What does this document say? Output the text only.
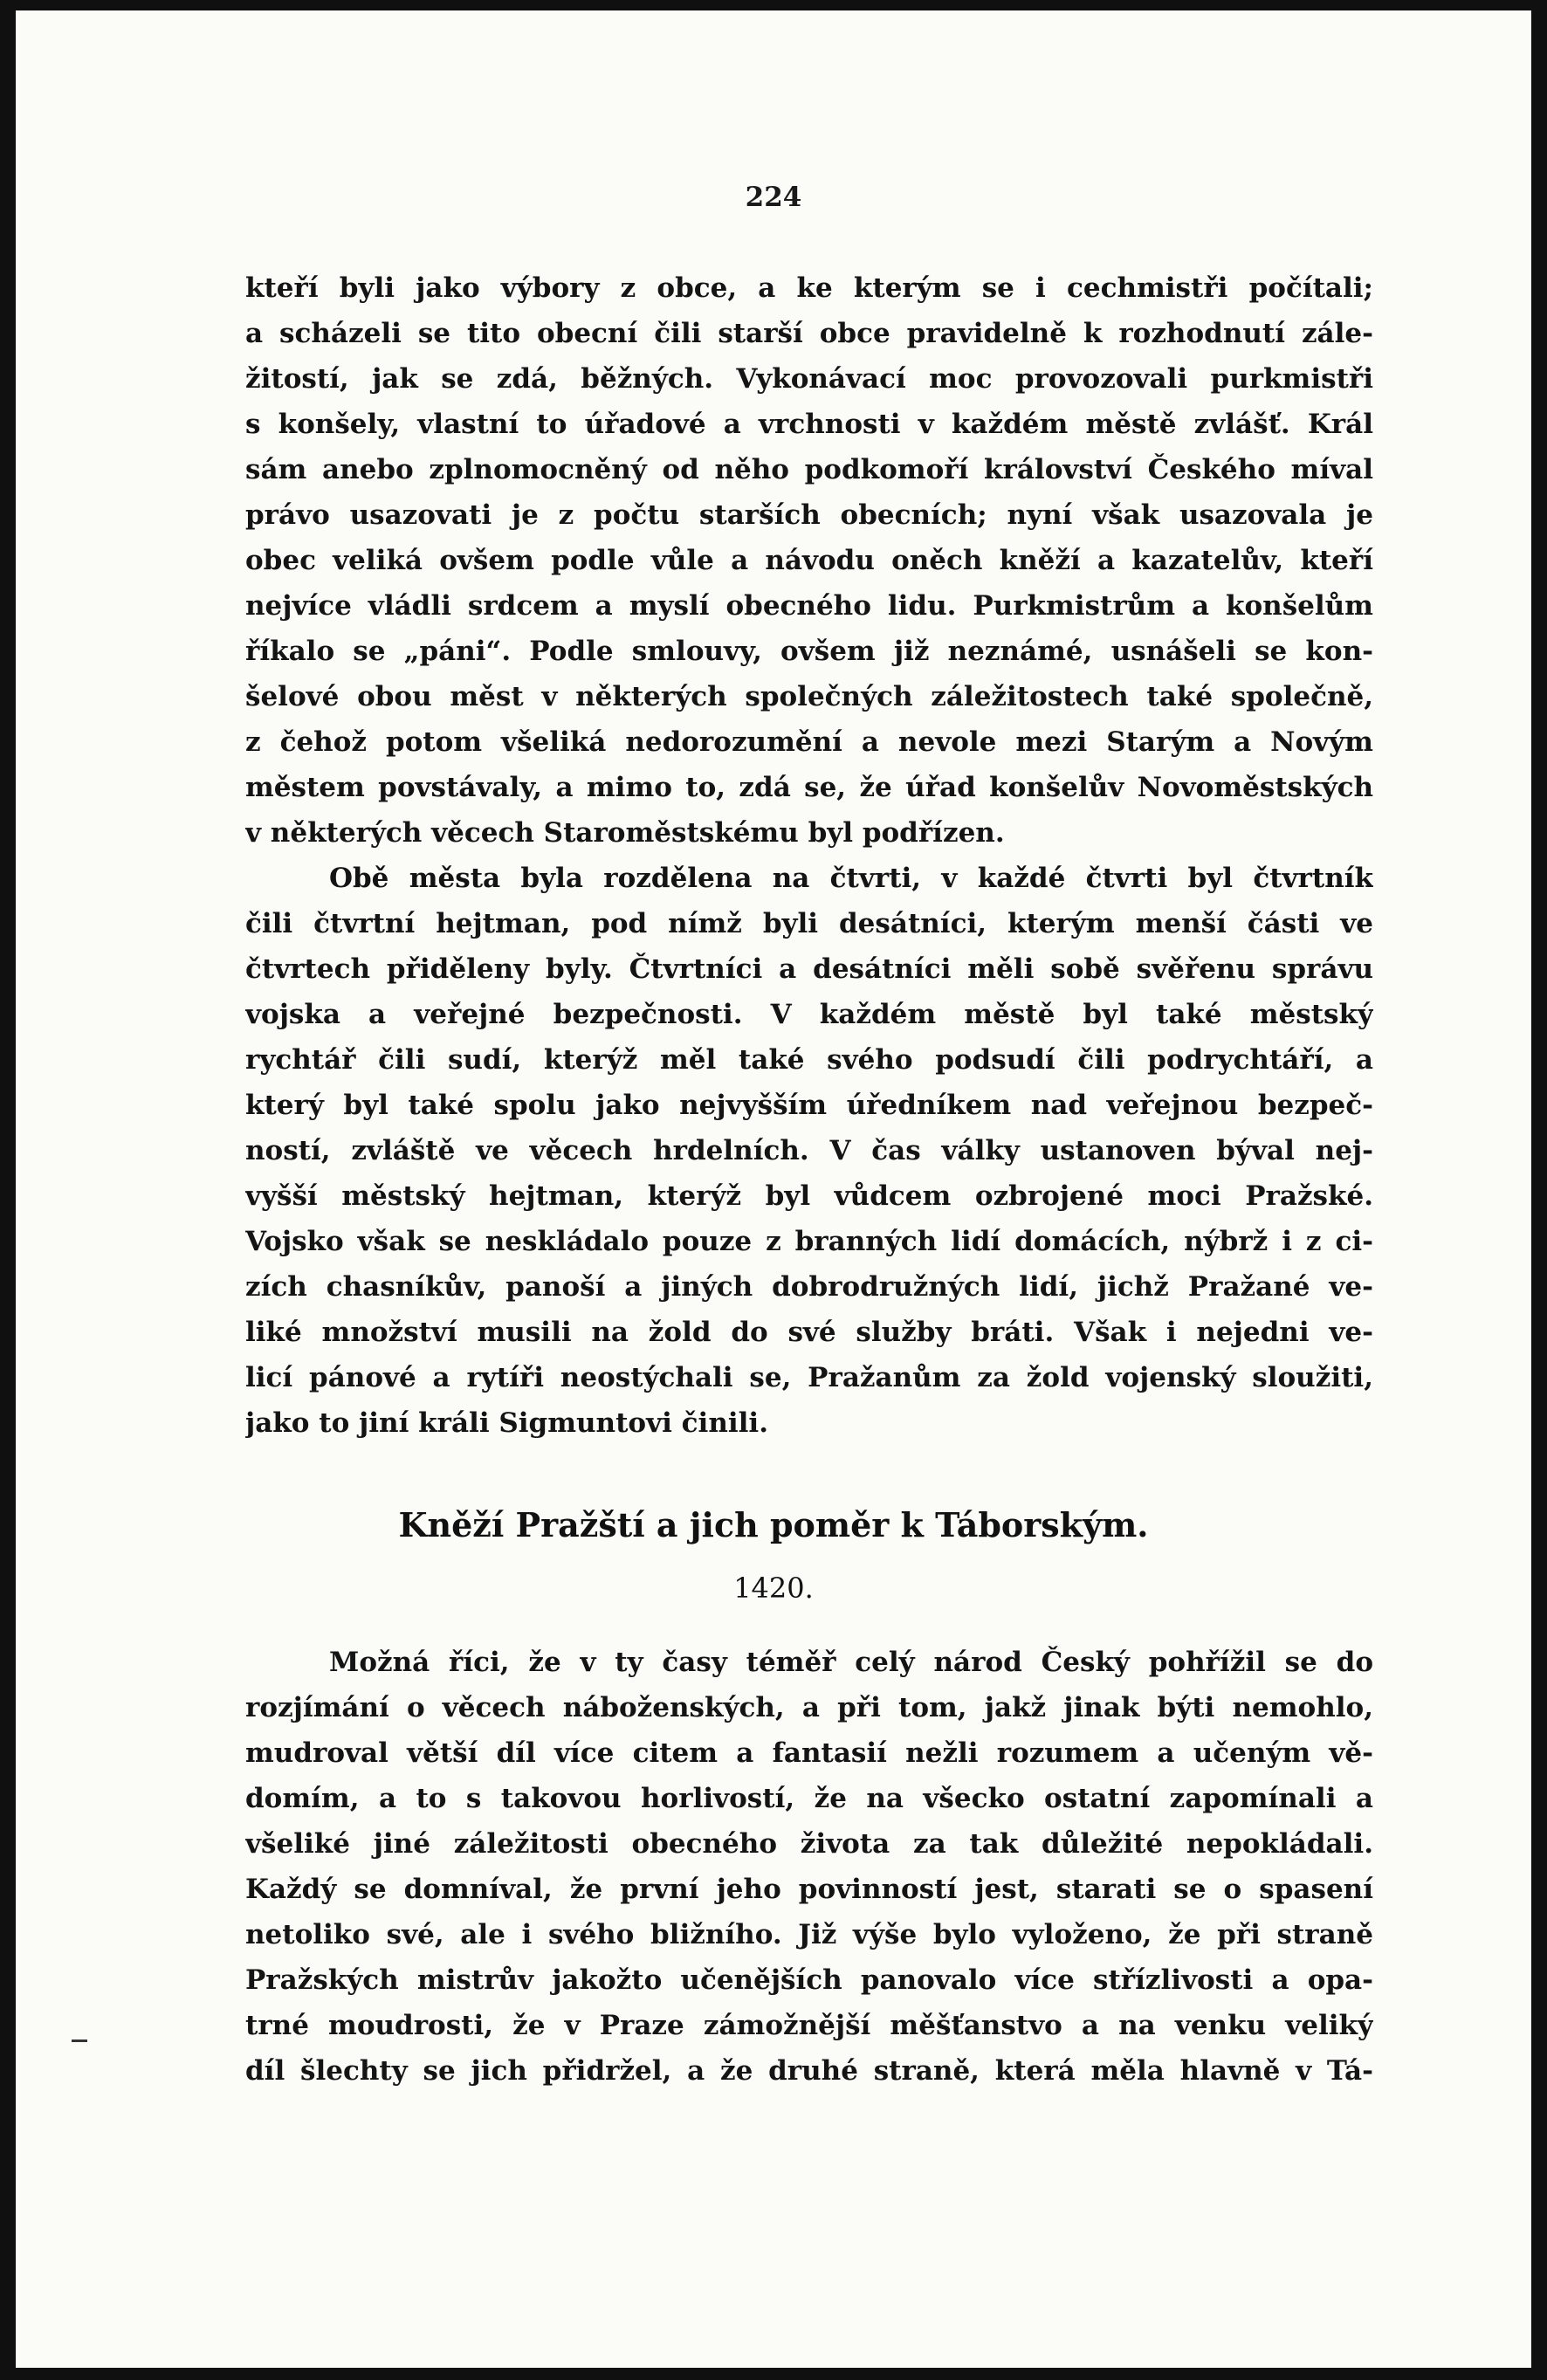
224
kteří byli jako výbory z obce, a ke kterým se i cechmistři počítali;
a scházeli se tito obecní čili starší obce pravidelně k rozhodnutí zále-
žitostí, jak se zdá, běžných. Vykonávací moc provozovali purkmistři
s konšely, vlastní to úřadové a vrchnosti v každém městě zvlášť. Král
sám anebo zplnomocněný od něho podkomoří království Českého míval
právo usazovati je z počtu starších obecních; nyní však usazovala je
obec veliká ovšem podle vůle a návodu oněch kněží a kazatelův, kteří
nejvíce vládli srdcem a myslí obecného lidu. Purkmistrům a konšelům
říkalo se „páni“. Podle smlouvy, ovšem již neznámé, usnášeli se kon-
šelové obou měst v některých společných záležitostech také společně,
z čehož potom všeliká nedorozumění a nevole mezi Starým a Novým
městem povstávaly, a mimo to, zdá se, že úřad konšelův Novoměstských
v některých věcech Staroměstskému byl podřízen.
Obě města byla rozdělena na čtvrti, v každé čtvrti byl čtvrtník
čili čtvrtní hejtman, pod nímž byli desátníci, kterým menší části ve
čtvrtech přiděleny byly. Čtvrtníci a desátníci měli sobě svěřenu správu
vojska a veřejné bezpečnosti. V každém městě byl také městský
rychtář čili sudí, kterýž měl také svého podsudí čili podrychtáří, a
který byl také spolu jako nejvyšším úředníkem nad veřejnou bezpeč-
ností, zvláště ve věcech hrdelních. V čas války ustanoven býval nej-
vyšší městský hejtman, kterýž byl vůdcem ozbrojené moci Pražské.
Vojsko však se neskládalo pouze z branných lidí domácích, nýbrž i z ci-
zích chasníkův, panoší a jiných dobrodružných lidí, jichž Pražané ve-
liké množství musili na žold do své služby bráti. Však i nejedni ve-
licí pánové a rytíři neostýchali se, Pražanům za žold vojenský sloužiti,
jako to jiní králi Sigmuntovi činili.
Kněží Pražští a jich poměr k Táborským.
1420.
Možná říci, že v ty časy téměř celý národ Český pohřížil se do
rozjímání o věcech náboženských, a při tom, jakž jinak býti nemohlo,
mudroval větší díl více citem a fantasií nežli rozumem a učeným vě-
domím, a to s takovou horlivostí, že na všecko ostatní zapomínali a
všeliké jiné záležitosti obecného života za tak důležité nepokládali.
Každý se domníval, že první jeho povinností jest, starati se o spasení
netoliko své, ale i svého bližního. Již výše bylo vyloženo, že při straně
Pražských mistrův jakožto učenějších panovalo více střízlivosti a opa-
trné moudrosti, že v Praze zámožnější měšťanstvo a na venku veliký
díl šlechty se jich přidržel, a že druhé straně, která měla hlavně v Tá-
